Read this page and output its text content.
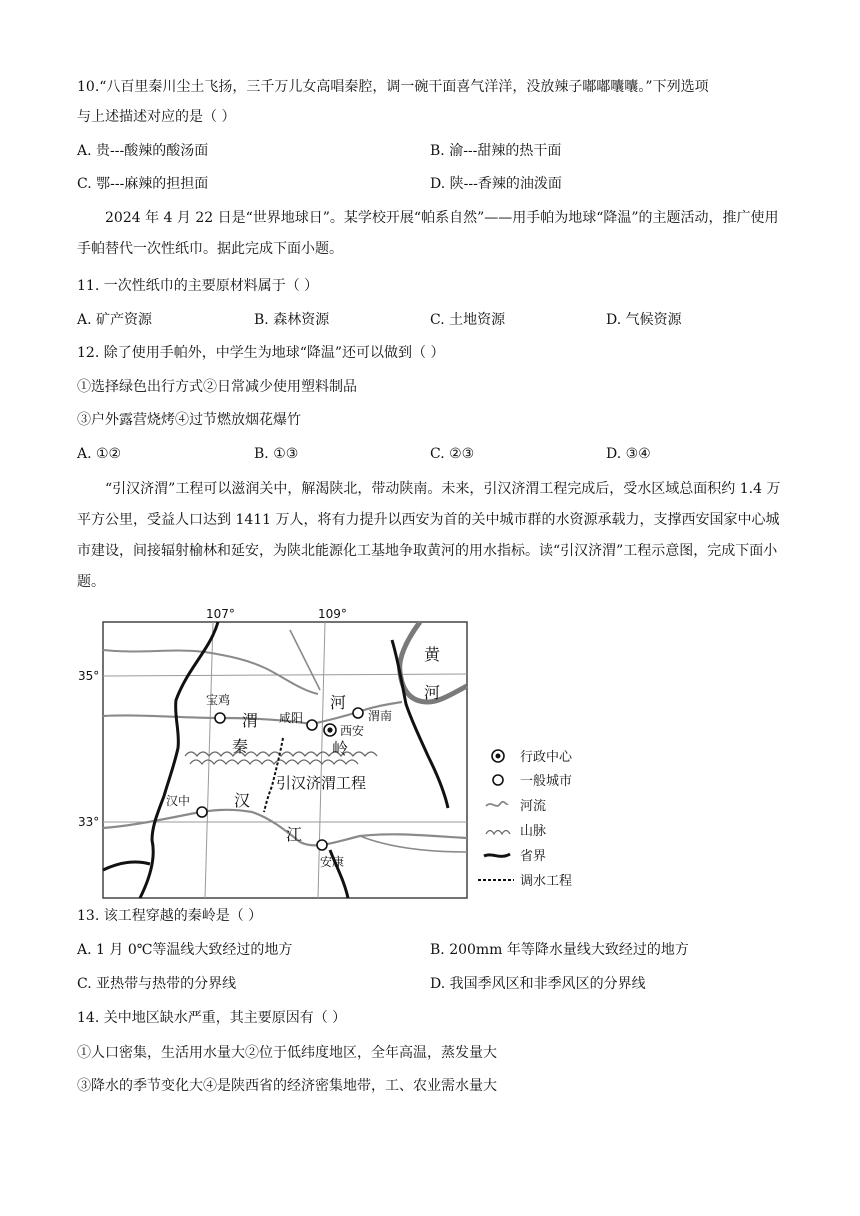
10.“八百里秦川尘土飞扬，三千万儿女高唱秦腔，调一碗干面喜气洋洋，没放辣子嘟嘟囔囔。”下列选项
与上述描述对应的是（ ）
A. 贵---酸辣的酸汤面	B. 渝---甜辣的热干面
C. 鄂---麻辣的担担面	D. 陕---香辣的油泼面
2024 年 4 月 22 日是“世界地球日”。某学校开展“帕系自然”——用手帕为地球“降温”的主题活动，推广使用手帕替代一次性纸巾。据此完成下面小题。
11. 一次性纸巾的主要原材料属于（ ）
A. 矿产资源	B. 森林资源	C. 土地资源	D. 气候资源
12. 除了使用手帕外，中学生为地球“降温”还可以做到（ ）
①选择绿色出行方式②日常减少使用塑料制品
③户外露营烧烤④过节燃放烟花爆竹
A. ①②	B. ①③	C. ②③	D. ③④
“引汉济渭”工程可以滋润关中，解渴陕北，带动陕南。未来，引汉济渭工程完成后，受水区域总面积约 1.4 万平方公里，受益人口达到 1411 万人，将有力提升以西安为首的关中城市群的水资源承载力，支撑西安国家中心城市建设，间接辐射榆林和延安，为陕北能源化工基地争取黄河的用水指标。读“引汉济渭”工程示意图，完成下面小题。
107°	109°
35°
33°
宝鸡
咸阳	渭南
西安
汉中
安康
渭
河
汉
江
黄
河
秦	岭
引汉济渭工程
行政中心
一般城市
河流
山脉
省界
调水工程
13. 该工程穿越的秦岭是（ ）
A. 1 月 0℃等温线大致经过的地方	B. 200mm 年等降水量线大致经过的地方
C. 亚热带与热带的分界线	D. 我国季风区和非季风区的分界线
14. 关中地区缺水严重，其主要原因有（ ）
①人口密集，生活用水量大②位于低纬度地区，全年高温，蒸发量大
③降水的季节变化大④是陕西省的经济密集地带，工、农业需水量大
